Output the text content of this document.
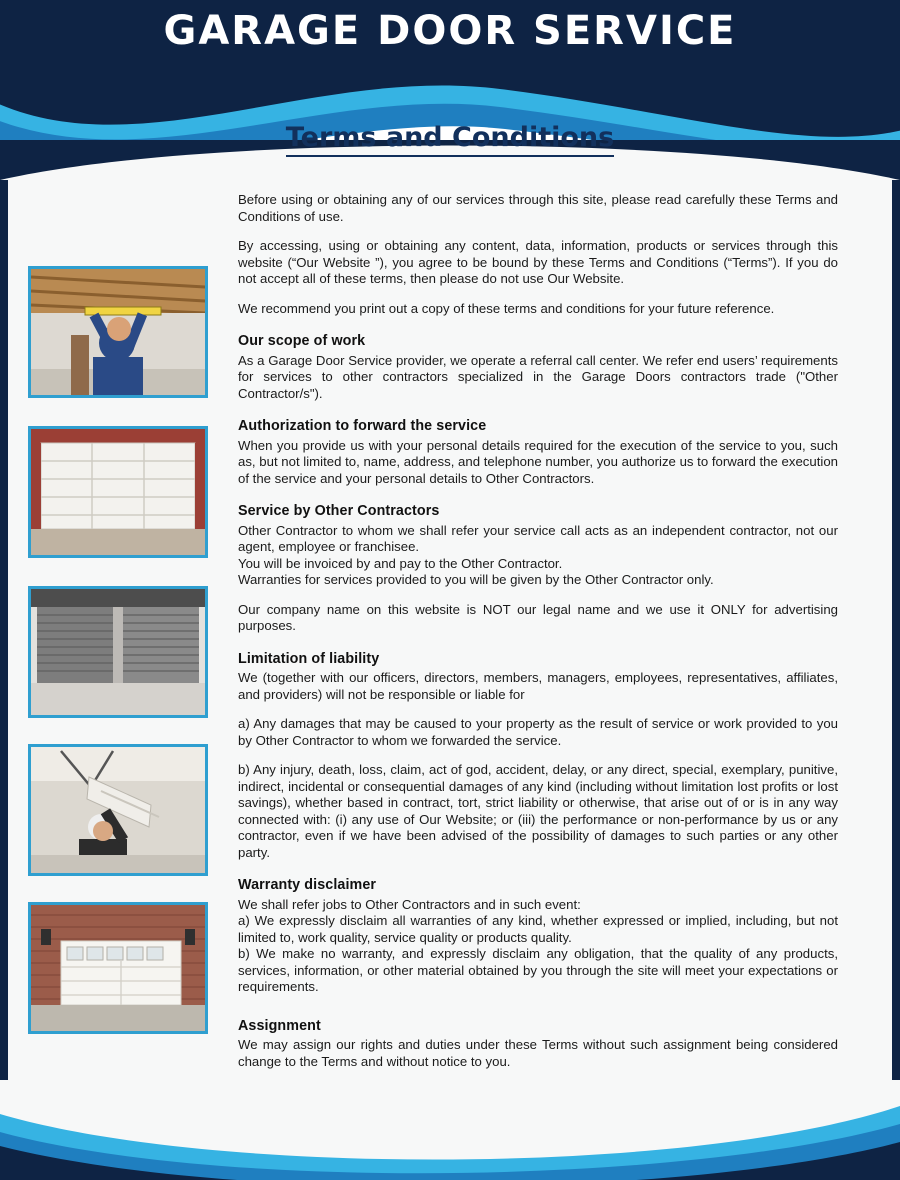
GARAGE DOOR SERVICE
Terms and Conditions

Before using or obtaining any of our services through this site, please read carefully these Terms and Conditions of use.

By accessing, using or obtaining any content, data, information, products or services through this website (“Our Website ”), you agree to be bound by these Terms and Conditions (“Terms”). If you do not accept all of these terms, then please do not use Our Website.

We recommend you print out a copy of these terms and conditions for your future reference.

Our scope of work

As a Garage Door Service provider, we operate a referral call center. We refer end users’ requirements for services to other contractors specialized in the Garage Doors contractors trade ("Other Contractor/s").

Authorization to forward the service

When you provide us with your personal details required for the execution of the service to you, such as, but not limited to, name, address, and telephone number, you authorize us to forward the execution of the service and your personal details to Other Contractors.

Service by Other Contractors

Other Contractor to whom we shall refer your service call acts as an independent contractor, not our agent, employee or franchisee.

You will be invoiced by and pay to the Other Contractor.

Warranties for services provided to you will be given by the Other Contractor only.

Our company name on this website is NOT our legal name and we use it ONLY for advertising purposes.

Limitation of liability

We (together with our officers, directors, members, managers, employees, representatives, affiliates, and providers) will not be responsible or liable for

a) Any damages that may be caused to your property as the result of service or work provided to you by Other Contractor to whom we forwarded the service.

b) Any injury, death, loss, claim, act of god, accident, delay, or any direct, special, exemplary, punitive, indirect, incidental or consequential damages of any kind (including without limitation lost profits or lost savings), whether based in contract, tort, strict liability or otherwise, that arise out of or is in any way connected with: (i) any use of Our Website; or (iii) the performance or non-performance by us or any contractor, even if we have been advised of the possibility of damages to such parties or any other party.

Warranty disclaimer

We shall refer jobs to Other Contractors and in such event:

a) We expressly disclaim all warranties of any kind, whether expressed or implied, including, but not limited to, work quality, service quality or products quality.

b) We make no warranty, and expressly disclaim any obligation, that the quality of any products, services, information, or other material obtained by you through the site will meet your expectations or requirements.

Assignment

We may assign our rights and duties under these Terms without such assignment being considered change to the Terms and without notice to you.
